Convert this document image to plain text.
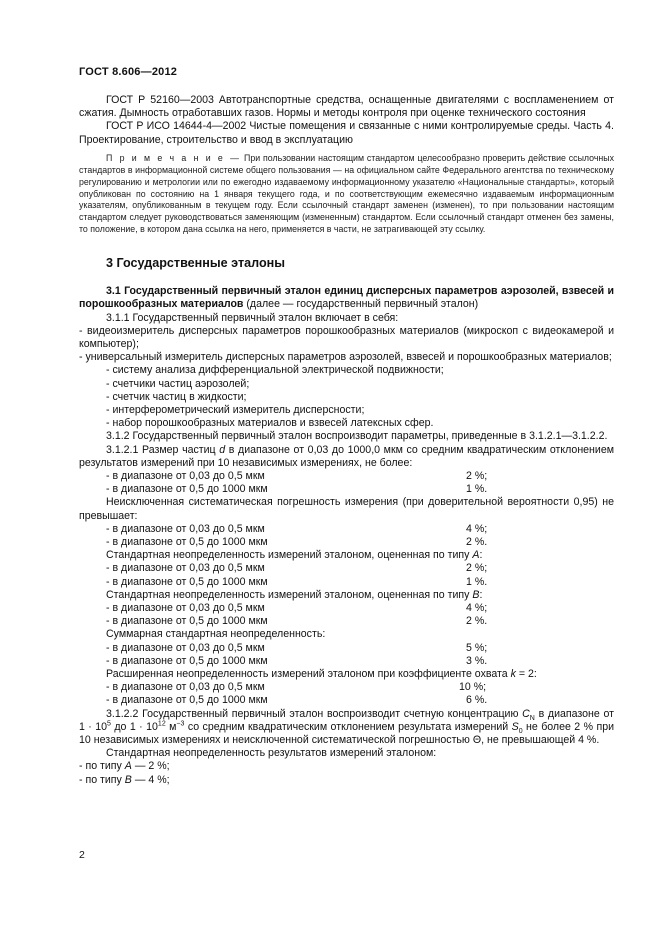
ГОСТ 8.606—2012

ГОСТ Р 52160—2003 Автотранспортные средства, оснащенные двигателями с воспламенением от сжатия. Дымность отработавших газов. Нормы и методы контроля при оценке технического состояния

ГОСТ Р ИСО 14644-4—2002 Чистые помещения и связанные с ними контролируемые среды. Часть 4. Проектирование, строительство и ввод в эксплуатацию

П р и м е ч а н и е — При пользовании настоящим стандартом целесообразно проверить действие ссылочных стандартов в информационной системе общего пользования — на официальном сайте Федерального агентства по техническому регулированию и метрологии или по ежегодно издаваемому информационному указателю «Национальные стандарты», который опубликован по состоянию на 1 января текущего года, и по соответствующим ежемесячно издаваемым информационным указателям, опубликованным в текущем году. Если ссылочный стандарт заменен (изменен), то при пользовании настоящим стандартом следует руководствоваться заменяющим (измененным) стандартом. Если ссылочный стандарт отменен без замены, то положение, в котором дана ссылка на него, применяется в части, не затрагивающей эту ссылку.

3 Государственные эталоны

3.1 Государственный первичный эталон единиц дисперсных параметров аэрозолей, взвесей и порошкообразных материалов (далее — государственный первичный эталон)

3.1.1 Государственный первичный эталон включает в себя:

- видеоизмеритель дисперсных параметров порошкообразных материалов (микроскоп с видеокамерой и компьютер);

- универсальный измеритель дисперсных параметров аэрозолей, взвесей и порошкообразных материалов;

- систему анализа дифференциальной электрической подвижности;

- счетчики частиц аэрозолей;

- счетчик частиц в жидкости;

- интерферометрический измеритель дисперсности;

- набор порошкообразных материалов и взвесей латексных сфер.

3.1.2 Государственный первичный эталон воспроизводит параметры, приведенные в 3.1.2.1—3.1.2.2.

3.1.2.1 Размер частиц d в диапазоне от 0,03 до 1000,0 мкм со средним квадратическим отклонением результатов измерений при 10 независимых измерениях, не более:

- в диапазоне от 0,03 до 0,5 мкм	2 %;
- в диапазоне от 0,5 до 1000 мкм	1 %.

Неисключенная систематическая погрешность измерения (при доверительной вероятности 0,95) не превышает:

- в диапазоне от 0,03 до 0,5 мкм	4 %;
- в диапазоне от 0,5 до 1000 мкм	2 %.

Стандартная неопределенность измерений эталоном, оцененная по типу A:

- в диапазоне от 0,03 до 0,5 мкм	2 %;
- в диапазоне от 0,5 до 1000 мкм	1 %.

Стандартная неопределенность измерений эталоном, оцененная по типу B:

- в диапазоне от 0,03 до 0,5 мкм	4 %;
- в диапазоне от 0,5 до 1000 мкм	2 %.

Суммарная стандартная неопределенность:

- в диапазоне от 0,03 до 0,5 мкм	5 %;
- в диапазоне от 0,5 до 1000 мкм	3 %.

Расширенная неопределенность измерений эталоном при коэффициенте охвата k = 2:

- в диапазоне от 0,03 до 0,5 мкм	10 %;
- в диапазоне от 0,5 до 1000 мкм	6 %.

3.1.2.2 Государственный первичный эталон воспроизводит счетную концентрацию $C_N$ в диапазоне от $1 \cdot 10^5$ до $1 \cdot 10^{12}$ $м^{-3}$ со средним квадратическим отклонением результата измерений $S_0$ не более 2 % при 10 независимых измерениях и неисключенной систематической погрешностью Θ, не превышающей 4 %.

Стандартная неопределенность результатов измерений эталоном:

- по типу A — 2 %;

- по типу B — 4 %;

2
